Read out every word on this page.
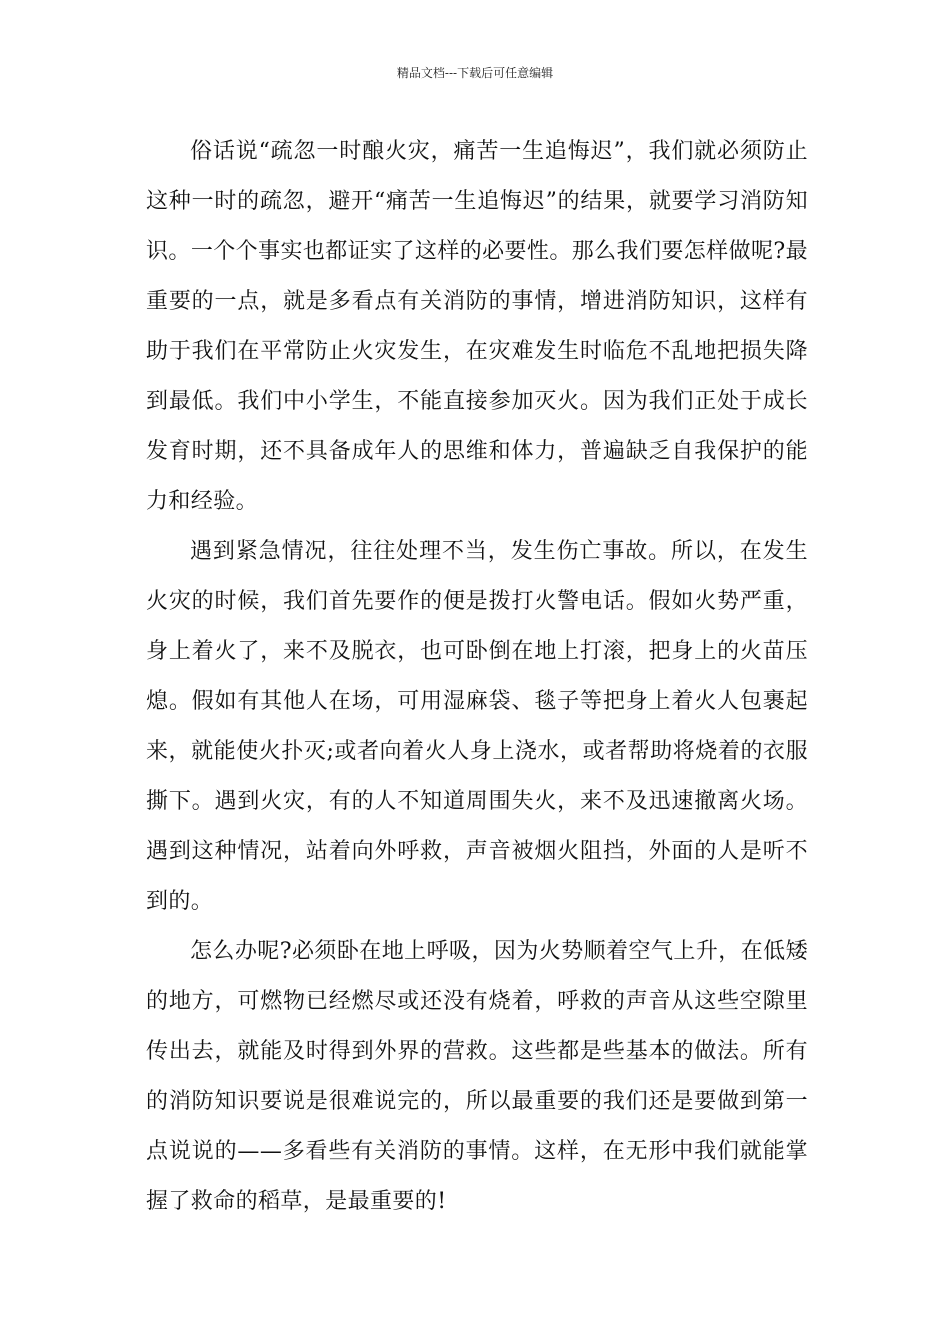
精品文档---下载后可任意编辑

俗话说“疏忽一时酿火灾，痛苦一生追悔迟”，我们就必须防止这种一时的疏忽，避开“痛苦一生追悔迟”的结果，就要学习消防知识。一个个事实也都证实了这样的必要性。那么我们要怎样做呢?最重要的一点，就是多看点有关消防的事情，增进消防知识，这样有助于我们在平常防止火灾发生，在灾难发生时临危不乱地把损失降到最低。我们中小学生，不能直接参加灭火。因为我们正处于成长发育时期，还不具备成年人的思维和体力，普遍缺乏自我保护的能力和经验。

遇到紧急情况，往往处理不当，发生伤亡事故。所以，在发生火灾的时候，我们首先要作的便是拨打火警电话。假如火势严重，身上着火了，来不及脱衣，也可卧倒在地上打滚，把身上的火苗压熄。假如有其他人在场，可用湿麻袋、毯子等把身上着火人包裹起来，就能使火扑灭;或者向着火人身上浇水，或者帮助将烧着的衣服撕下。遇到火灾，有的人不知道周围失火，来不及迅速撤离火场。遇到这种情况，站着向外呼救，声音被烟火阻挡，外面的人是听不到的。

怎么办呢?必须卧在地上呼吸，因为火势顺着空气上升，在低矮的地方，可燃物已经燃尽或还没有烧着，呼救的声音从这些空隙里传出去，就能及时得到外界的营救。这些都是些基本的做法。所有的消防知识要说是很难说完的，所以最重要的我们还是要做到第一点说说的——多看些有关消防的事情。这样，在无形中我们就能掌握了救命的稻草，是最重要的!
